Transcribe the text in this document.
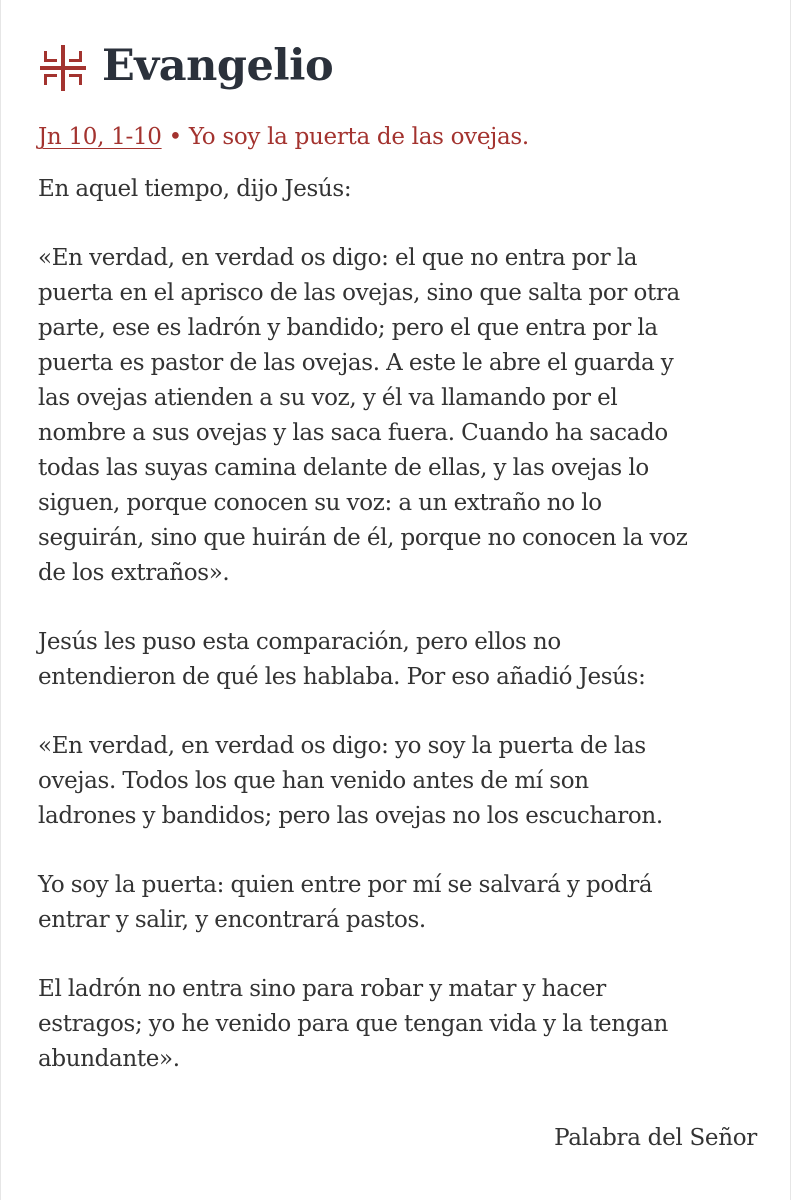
Evangelio
Jn 10, 1-10 • Yo soy la puerta de las ovejas.

En aquel tiempo, dijo Jesús:

«En verdad, en verdad os digo: el que no entra por la
puerta en el aprisco de las ovejas, sino que salta por otra
parte, ese es ladrón y bandido; pero el que entra por la
puerta es pastor de las ovejas. A este le abre el guarda y
las ovejas atienden a su voz, y él va llamando por el
nombre a sus ovejas y las saca fuera. Cuando ha sacado
todas las suyas camina delante de ellas, y las ovejas lo
siguen, porque conocen su voz: a un extraño no lo
seguirán, sino que huirán de él, porque no conocen la voz
de los extraños».

Jesús les puso esta comparación, pero ellos no
entendieron de qué les hablaba. Por eso añadió Jesús:

«En verdad, en verdad os digo: yo soy la puerta de las
ovejas. Todos los que han venido antes de mí son
ladrones y bandidos; pero las ovejas no los escucharon.

Yo soy la puerta: quien entre por mí se salvará y podrá
entrar y salir, y encontrará pastos.

El ladrón no entra sino para robar y matar y hacer
estragos; yo he venido para que tengan vida y la tengan
abundante».

Palabra del Señor
